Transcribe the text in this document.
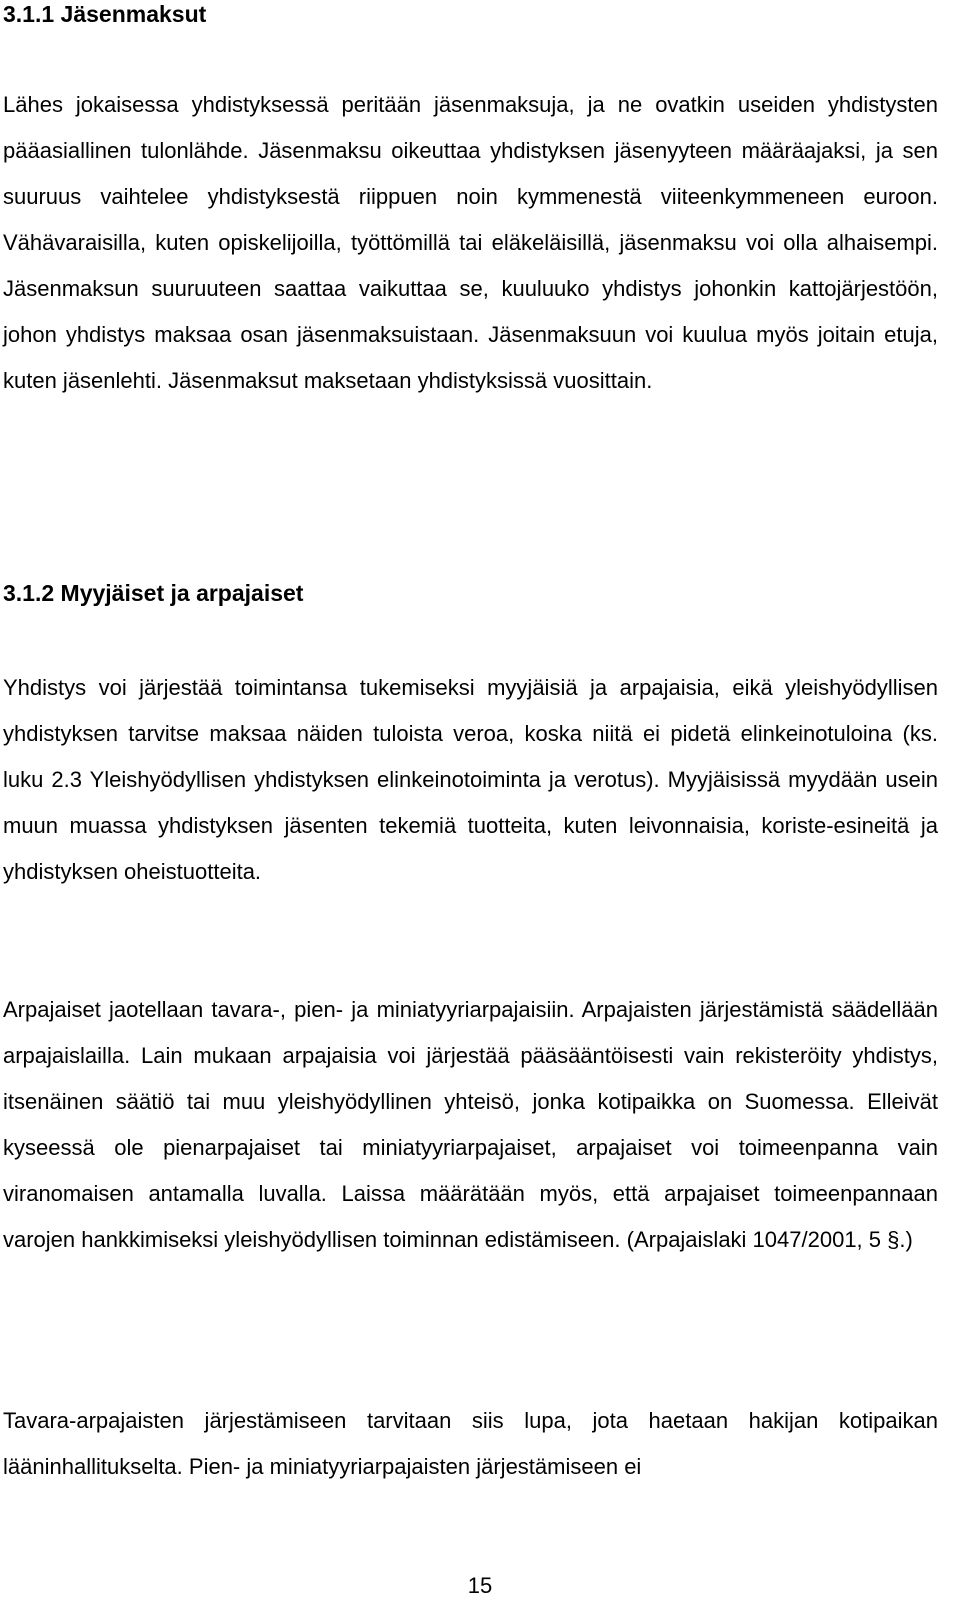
3.1.1 Jäsenmaksut

Lähes jokaisessa yhdistyksessä peritään jäsenmaksuja, ja ne ovatkin useiden yhdistysten pääasiallinen tulonlähde. Jäsenmaksu oikeuttaa yhdistyksen jäsenyyteen määräajaksi, ja sen suuruus vaihtelee yhdistyksestä riippuen noin kymmenestä viiteenkymmeneen euroon. Vähävaraisilla, kuten opiskelijoilla, työttömillä tai eläkeläisillä, jäsenmaksu voi olla alhaisempi. Jäsenmaksun suuruuteen saattaa vaikuttaa se, kuuluuko yhdistys johonkin kattojärjestöön, johon yhdistys maksaa osan jäsenmaksuistaan. Jäsenmaksuun voi kuulua myös joitain etuja, kuten jäsenlehti. Jäsenmaksut maksetaan yhdistyksissä vuosittain.

3.1.2 Myyjäiset ja arpajaiset

Yhdistys voi järjestää toimintansa tukemiseksi myyjäisiä ja arpajaisia, eikä yleishyödyllisen yhdistyksen tarvitse maksaa näiden tuloista veroa, koska niitä ei pidetä elinkeinotuloina (ks. luku 2.3 Yleishyödyllisen yhdistyksen elinkeinotoiminta ja verotus). Myyjäisissä myydään usein muun muassa yhdistyksen jäsenten tekemiä tuotteita, kuten leivonnaisia, koriste-esineitä ja yhdistyksen oheistuotteita.

Arpajaiset jaotellaan tavara-, pien- ja miniatyyriarpajaisiin. Arpajaisten järjestämistä säädellään arpajaislailla. Lain mukaan arpajaisia voi järjestää pääsääntöisesti vain rekisteröity yhdistys, itsenäinen säätiö tai muu yleishyödyllinen yhteisö, jonka kotipaikka on Suomessa. Elleivät kyseessä ole pienarpajaiset tai miniatyyriarpajaiset, arpajaiset voi toimeenpanna vain viranomaisen antamalla luvalla. Laissa määrätään myös, että arpajaiset toimeenpannaan varojen hankkimiseksi yleishyödyllisen toiminnan edistämiseen. (Arpajaislaki 1047/2001, 5 §.)

Tavara-arpajaisten järjestämiseen tarvitaan siis lupa, jota haetaan hakijan kotipaikan lääninhallitukselta. Pien- ja miniatyyriarpajaisten järjestämiseen ei

15
